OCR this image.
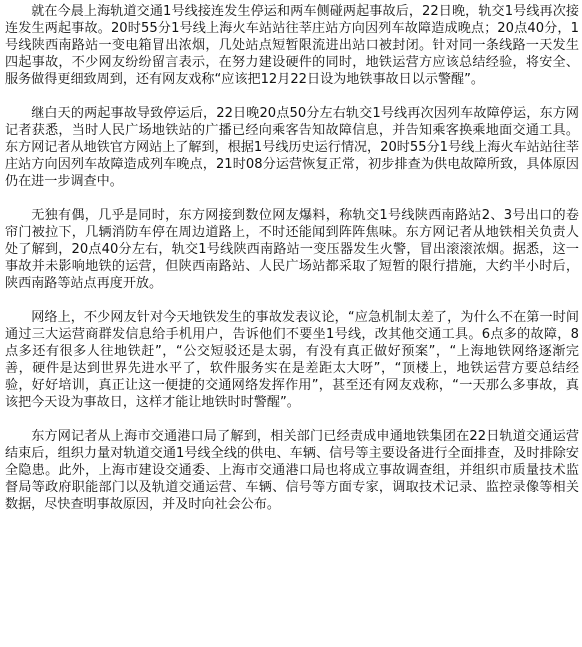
就在今晨上海轨道交通1号线接连发生停运和两车侧碰两起事故后，22日晚，轨交1号线再次接连发生两起事故。20时55分1号线上海火车站站往莘庄站方向因列车故障造成晚点；20点40分，1号线陕西南路站一变电箱冒出浓烟，几处站点短暂限流进出站口被封闭。针对同一条线路一天发生四起事故，不少网友纷纷留言表示，在努力建设硬件的同时，地铁运营方应该总结经验，将安全、服务做得更细致周到，还有网友戏称“应该把12月22日设为地铁事故日以示警醒”。

继白天的两起事故导致停运后，22日晚20点50分左右轨交1号线再次因列车故障停运，东方网记者获悉，当时人民广场地铁站的广播已经向乘客告知故障信息，并告知乘客换乘地面交通工具。东方网记者从地铁官方网站上了解到，根据1号线历史运行情况，20时55分1号线上海火车站站往莘庄站方向因列车故障造成列车晚点，21时08分运营恢复正常，初步排查为供电故障所致，具体原因仍在进一步调查中。

无独有偶，几乎是同时，东方网接到数位网友爆料，称轨交1号线陕西南路站2、3号出口的卷帘门被拉下，几辆消防车停在周边道路上，不时还能闻到阵阵焦味。东方网记者从地铁相关负责人处了解到，20点40分左右，轨交1号线陕西南路站一变压器发生火警，冒出滚滚浓烟。据悉，这一事故并未影响地铁的运营，但陕西南路站、人民广场站都采取了短暂的限行措施，大约半小时后，陕西南路等站点再度开放。

网络上，不少网友针对今天地铁发生的事故发表议论，“应急机制太差了，为什么不在第一时间通过三大运营商群发信息给手机用户，告诉他们不要坐1号线，改其他交通工具。6点多的故障，8点多还有很多人往地铁赶”，“公交短驳还是太弱，有没有真正做好预案”，“上海地铁网络逐渐完善，硬件是达到世界先进水平了，软件服务实在是差距太大呀”，“顶楼上，地铁运营方要总结经验，好好培训，真正让这一便捷的交通网络发挥作用”，甚至还有网友戏称，“一天那么多事故，真该把今天设为事故日，这样才能让地铁时时警醒”。

东方网记者从上海市交通港口局了解到，相关部门已经责成申通地铁集团在22日轨道交通运营结束后，组织力量对轨道交通1号线全线的供电、车辆、信号等主要设备进行全面排查，及时排除安全隐患。此外，上海市建设交通委、上海市交通港口局也将成立事故调查组，并组织市质量技术监督局等政府职能部门以及轨道交通运营、车辆、信号等方面专家，调取技术记录、监控录像等相关数据，尽快查明事故原因，并及时向社会公布。
